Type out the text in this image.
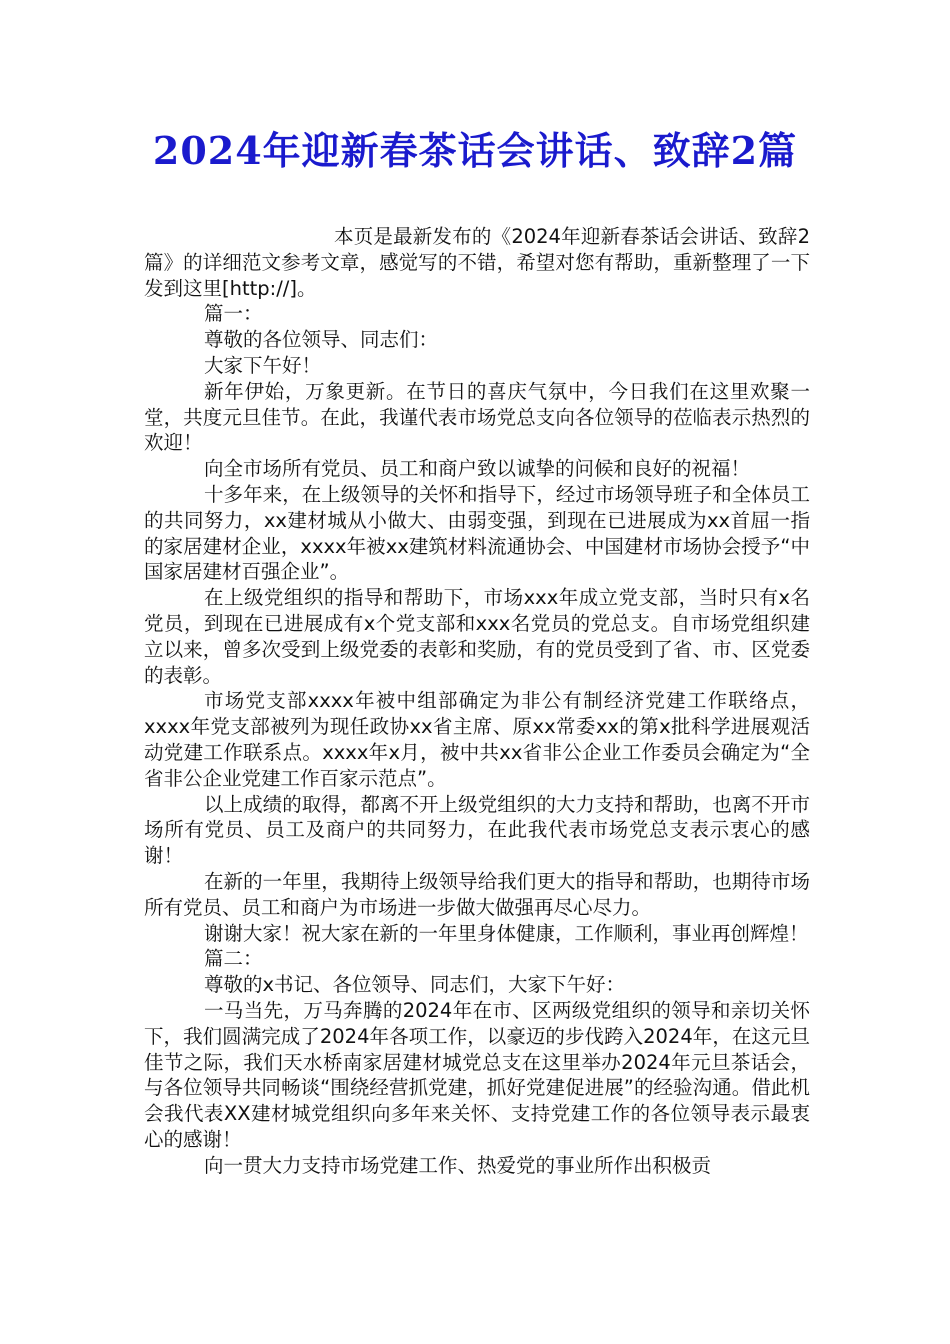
2024年迎新春茶话会讲话、致辞2篇

本页是最新发布的《2024年迎新春茶话会讲话、致辞2篇》的详细范文参考文章，感觉写的不错，希望对您有帮助，重新整理了一下发到这里[http://]。

篇一：

尊敬的各位领导、同志们：

大家下午好！

新年伊始，万象更新。在节日的喜庆气氛中，今日我们在这里欢聚一堂，共度元旦佳节。在此，我谨代表市场党总支向各位领导的莅临表示热烈的欢迎！

向全市场所有党员、员工和商户致以诚挚的问候和良好的祝福！

十多年来，在上级领导的关怀和指导下，经过市场领导班子和全体员工的共同努力，xx建材城从小做大、由弱变强，到现在已进展成为xx首屈一指的家居建材企业，xxxx年被xx建筑材料流通协会、中国建材市场协会授予“中国家居建材百强企业”。

在上级党组织的指导和帮助下，市场xxx年成立党支部，当时只有x名党员，到现在已进展成有x个党支部和xxx名党员的党总支。自市场党组织建立以来，曾多次受到上级党委的表彰和奖励，有的党员受到了省、市、区党委的表彰。

市场党支部xxxx年被中组部确定为非公有制经济党建工作联络点，xxxx年党支部被列为现任政协xx省主席、原xx常委xx的第x批科学进展观活动党建工作联系点。xxxx年x月，被中共xx省非公企业工作委员会确定为“全省非公企业党建工作百家示范点”。

以上成绩的取得，都离不开上级党组织的大力支持和帮助，也离不开市场所有党员、员工及商户的共同努力，在此我代表市场党总支表示衷心的感谢！

在新的一年里，我期待上级领导给我们更大的指导和帮助，也期待市场所有党员、员工和商户为市场进一步做大做强再尽心尽力。

谢谢大家！祝大家在新的一年里身体健康，工作顺利，事业再创辉煌！

篇二：

尊敬的x书记、各位领导、同志们，大家下午好：

一马当先，万马奔腾的2024年在市、区两级党组织的领导和亲切关怀下，我们圆满完成了2024年各项工作，以豪迈的步伐跨入2024年，在这元旦佳节之际，我们天水桥南家居建材城党总支在这里举办2024年元旦茶话会，与各位领导共同畅谈“围绕经营抓党建，抓好党建促进展”的经验沟通。借此机会我代表XX建材城党组织向多年来关怀、支持党建工作的各位领导表示最衷心的感谢！

向一贯大力支持市场党建工作、热爱党的事业所作出积极贡
